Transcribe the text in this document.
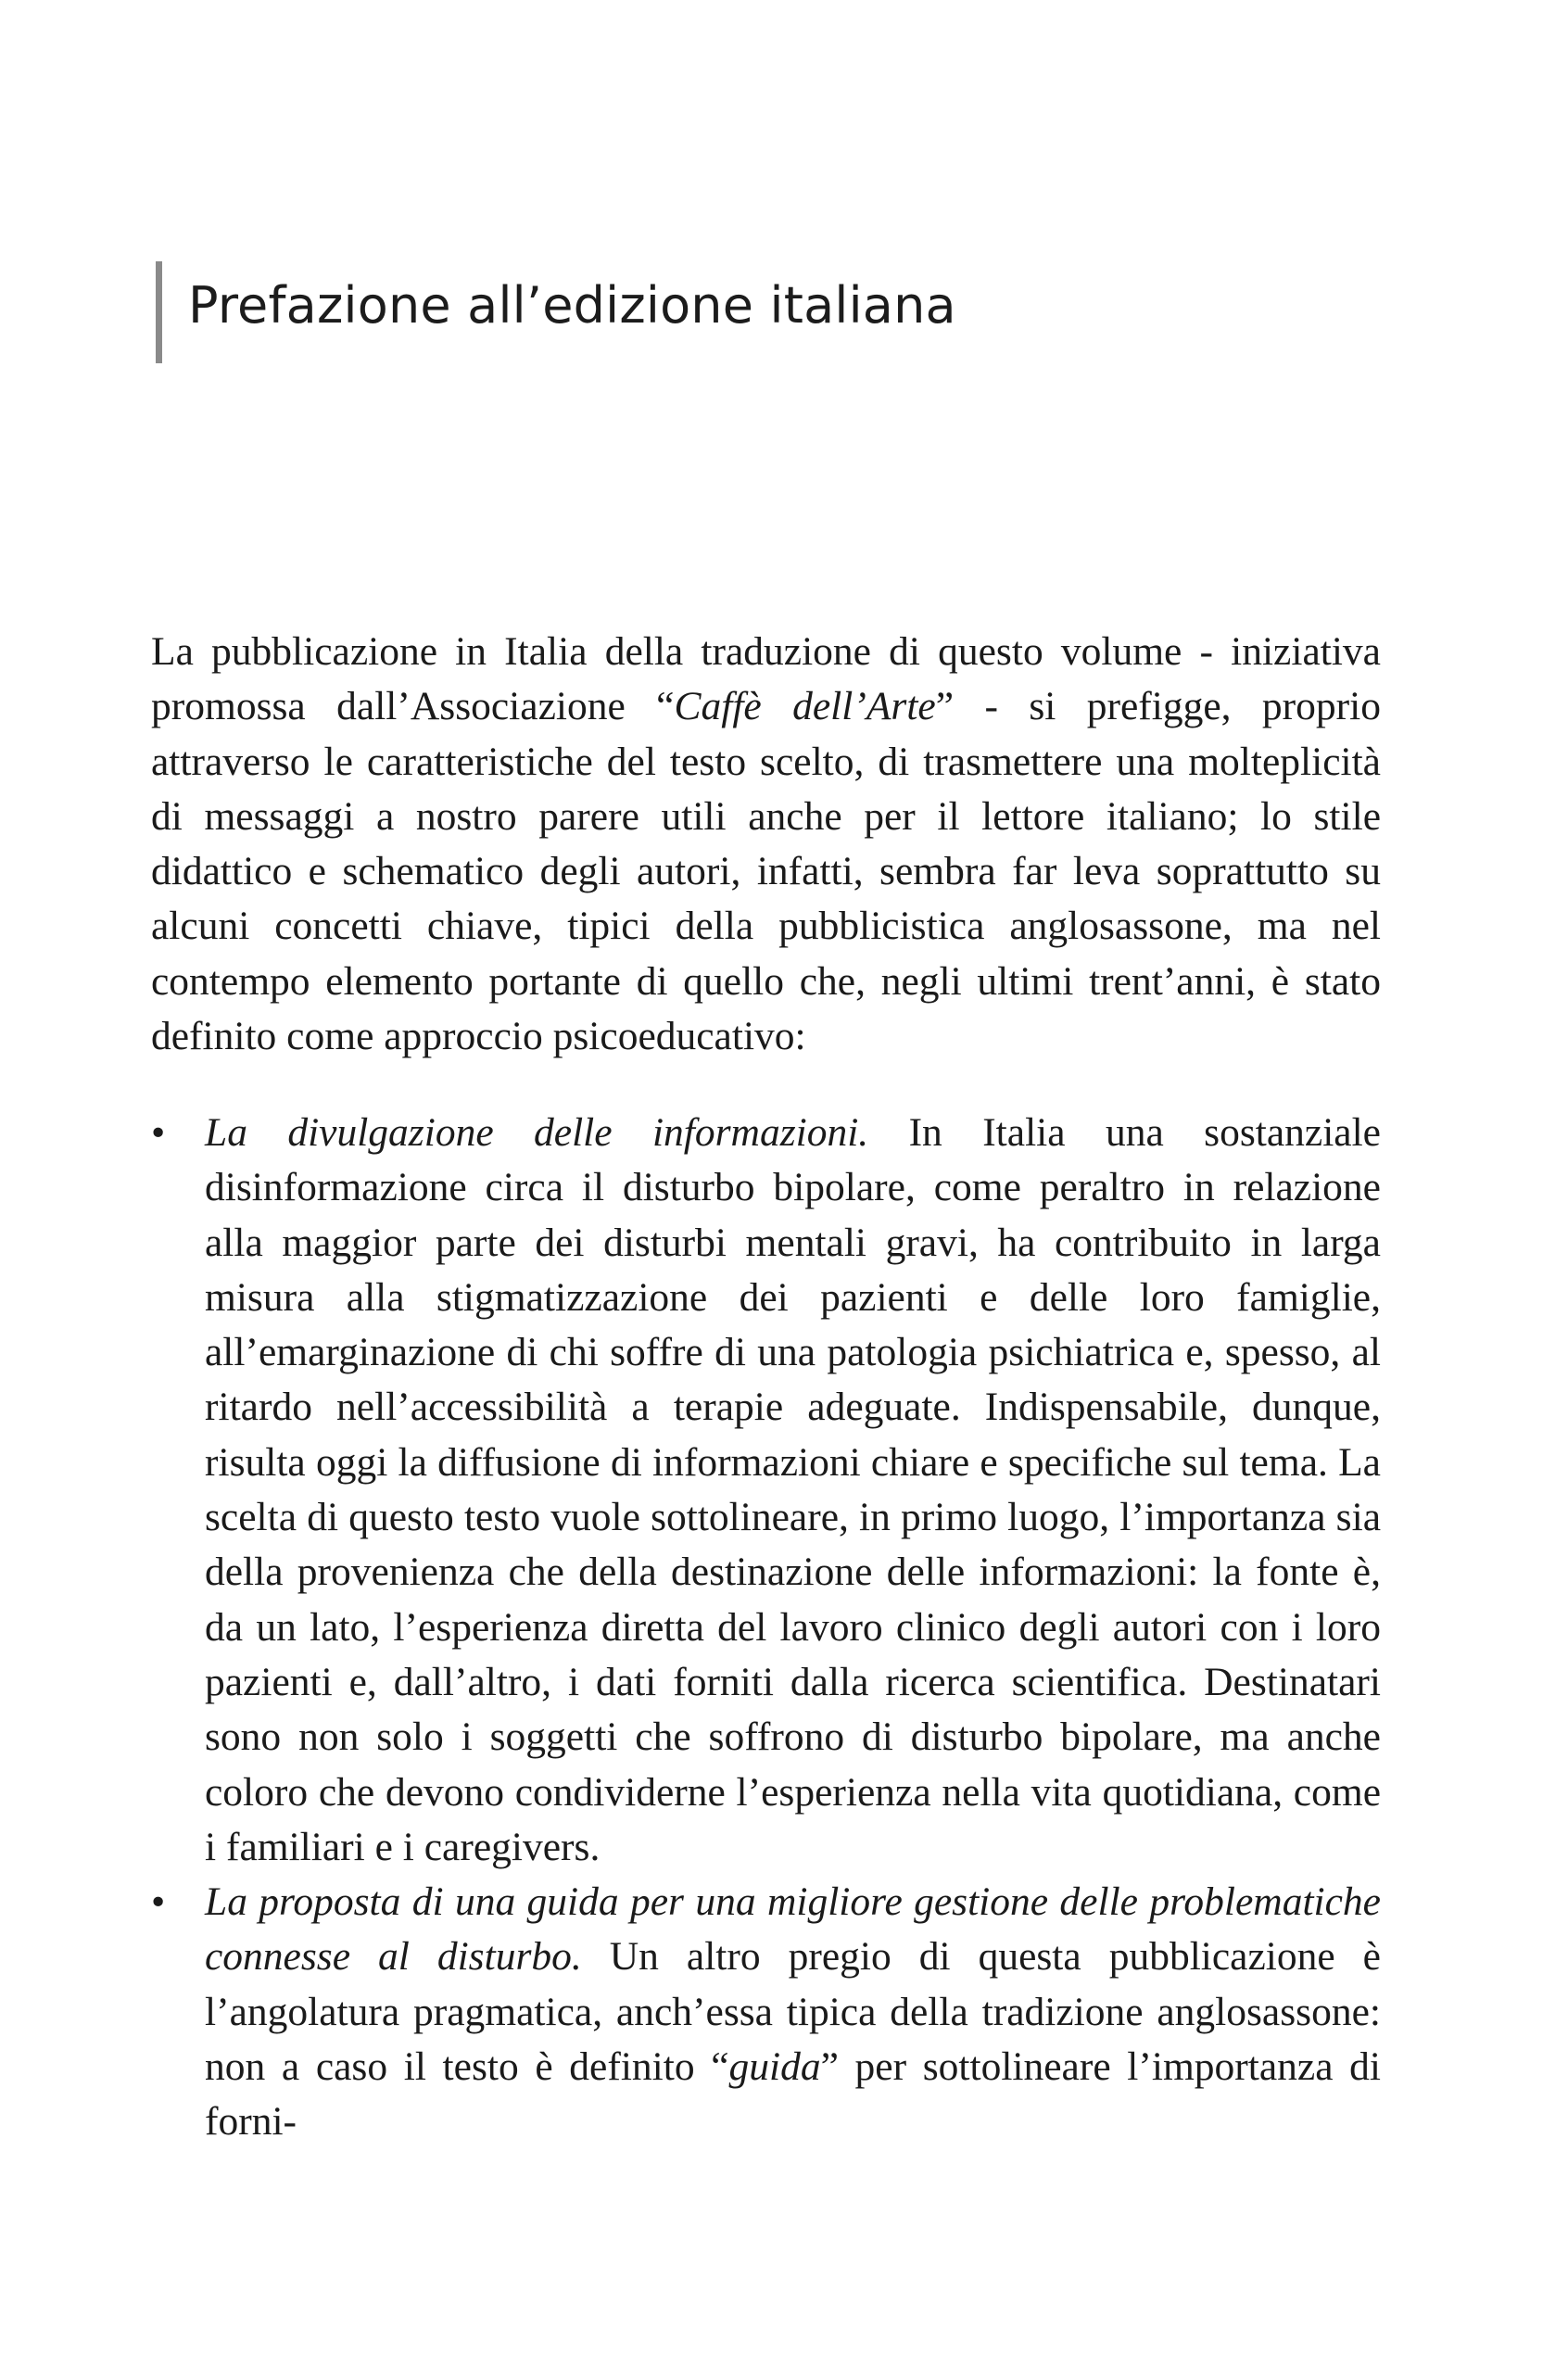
Prefazione all’edizione italiana

La pubblicazione in Italia della traduzione di questo volume - iniziativa promossa dall’Associazione “Caffè dell’Arte” - si prefigge, proprio attraverso le caratteristiche del testo scelto, di trasmettere una molteplicità di messaggi a nostro parere utili anche per il lettore italiano; lo stile didattico e schematico degli autori, infatti, sembra far leva soprattutto su alcuni concetti chiave, tipici della pubblicistica anglosassone, ma nel contempo elemento portante di quello che, negli ultimi trent’anni, è stato definito come approccio psicoeducativo:

• La divulgazione delle informazioni. In Italia una sostanziale disinformazione circa il disturbo bipolare, come peraltro in relazione alla maggior parte dei disturbi mentali gravi, ha contribuito in larga misura alla stigmatizzazione dei pazienti e delle loro famiglie, all’emarginazione di chi soffre di una patologia psichiatrica e, spesso, al ritardo nell’accessibilità a terapie adeguate. Indispensabile, dunque, risulta oggi la diffusione di informazioni chiare e specifiche sul tema. La scelta di questo testo vuole sottolineare, in primo luogo, l’importanza sia della provenienza che della destinazione delle informazioni: la fonte è, da un lato, l’esperienza diretta del lavoro clinico degli autori con i loro pazienti e, dall’altro, i dati forniti dalla ricerca scientifica. Destinatari sono non solo i soggetti che soffrono di disturbo bipolare, ma anche coloro che devono condividerne l’esperienza nella vita quotidiana, come i familiari e i caregivers.
• La proposta di una guida per una migliore gestione delle problematiche connesse al disturbo. Un altro pregio di questa pubblicazione è l’angolatura pragmatica, anch’essa tipica della tradizione anglosassone: non a caso il testo è definito “guida” per sottolineare l’importanza di forni-
